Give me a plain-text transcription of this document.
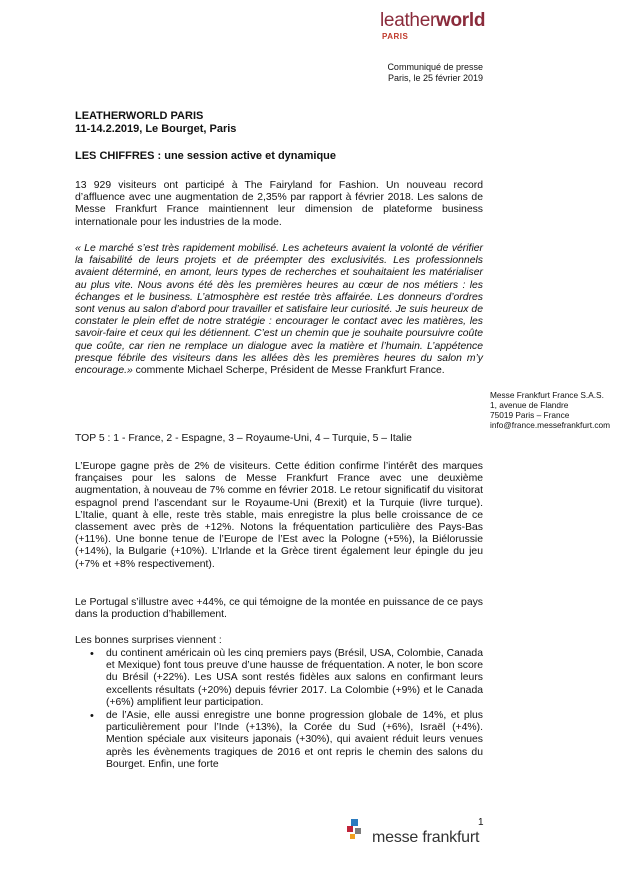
leatherworld
PARIS
Communiqué de presse
Paris, le 25 février 2019
LEATHERWORLD PARIS
11-14.2.2019, Le Bourget, Paris
LES CHIFFRES : une session active et dynamique

13 929 visiteurs ont participé à The Fairyland for Fashion. Un nouveau record d’affluence avec une augmentation de 2,35% par rapport à février 2018. Les salons de Messe Frankfurt France maintiennent leur dimension de plateforme business internationale pour les industries de la mode.

« Le marché s’est très rapidement mobilisé. Les acheteurs avaient la volonté de vérifier la faisabilité de leurs projets et de préempter des exclusivités. Les professionnels avaient déterminé, en amont, leurs types de recherches et souhaitaient les matérialiser au plus vite. Nous avons été dès les premières heures au cœur de nos métiers : les échanges et le business. L’atmosphère est restée très affairée. Les donneurs d’ordres sont venus au salon d’abord pour travailler et satisfaire leur curiosité. Je suis heureux de constater le plein effet de notre stratégie : encourager le contact avec les matières, les savoir-faire et ceux qui les détiennent. C’est un chemin que je souhaite poursuivre coûte que coûte, car rien ne remplace un dialogue avec la matière et l’humain. L’appétence presque fébrile des visiteurs dans les allées dès les premières heures du salon m’y encourage.» commente Michael Scherpe, Président de Messe Frankfurt France.

TOP 5 : 1 - France, 2 - Espagne, 3 – Royaume-Uni, 4 – Turquie, 5 – Italie

L’Europe gagne près de 2% de visiteurs. Cette édition confirme l’intérêt des marques françaises pour les salons de Messe Frankfurt France avec une deuxième augmentation, à nouveau de 7% comme en février 2018. Le retour significatif du visitorat espagnol prend l’ascendant sur le Royaume-Uni (Brexit) et la Turquie (livre turque). L’Italie, quant à elle, reste très stable, mais enregistre la plus belle croissance de ce classement avec près de +12%. Notons la fréquentation particulière des Pays-Bas (+11%). Une bonne tenue de l’Europe de l’Est avec la Pologne (+5%), la Biélorussie (+14%), la Bulgarie (+10%). L’Irlande et la Grèce tirent également leur épingle du jeu (+7% et +8% respectivement).

Le Portugal s’illustre avec +44%, ce qui témoigne de la montée en puissance de ce pays dans la production d’habillement.

Les bonnes surprises viennent :

• du continent américain où les cinq premiers pays (Brésil, USA, Colombie, Canada et Mexique) font tous preuve d’une hausse de fréquentation. A noter, le bon score du Brésil (+22%). Les USA sont restés fidèles aux salons en confirmant leurs excellents résultats (+20%) depuis février 2017. La Colombie (+9%) et le Canada (+6%) amplifient leur participation.
• de l’Asie, elle aussi enregistre une bonne progression globale de 14%, et plus particulièrement pour l’Inde (+13%), la Corée du Sud (+6%), Israël (+4%). Mention spéciale aux visiteurs japonais (+30%), qui avaient réduit leurs venues après les évènements tragiques de 2016 et ont repris le chemin des salons du Bourget. Enfin, une forte
Messe Frankfurt France S.A.S.
1, avenue de Flandre
75019 Paris – France
info@france.messefrankfurt.com
1
messe frankfurt
